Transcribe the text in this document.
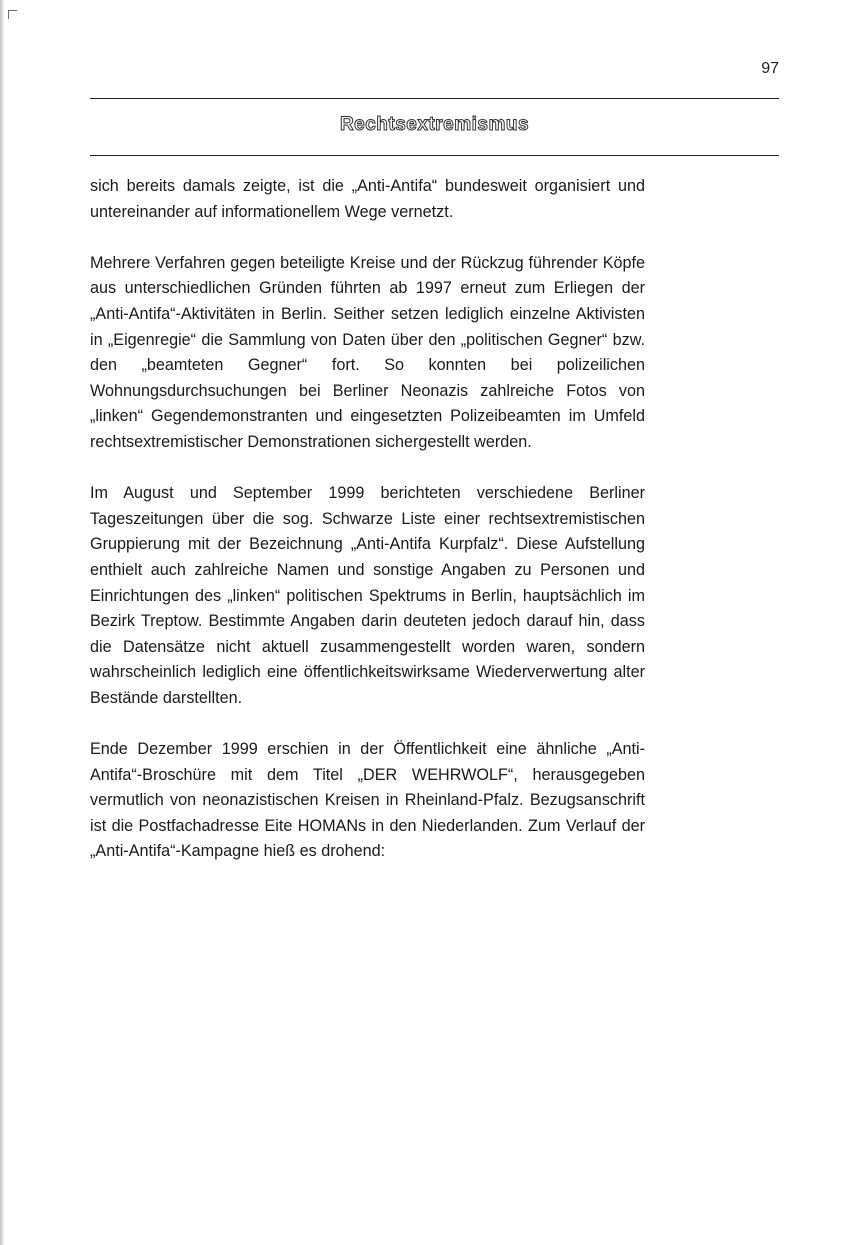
97
Rechtsextremismus

sich bereits damals zeigte, ist die „Anti-Antifa“ bundesweit organisiert und untereinander auf informationellem Wege vernetzt.

Mehrere Verfahren gegen beteiligte Kreise und der Rückzug führender Köpfe aus unterschiedlichen Gründen führten ab 1997 erneut zum Erliegen der „Anti-Antifa“-Aktivitäten in Berlin. Seither setzen lediglich einzelne Aktivisten in „Eigenregie“ die Sammlung von Daten über den „politischen Gegner“ bzw. den „beamteten Gegner“ fort. So konnten bei polizeilichen Wohnungsdurchsuchungen bei Berliner Neonazis zahlreiche Fotos von „linken“ Gegendemonstranten und eingesetzten Polizeibeamten im Umfeld rechtsextremistischer Demonstrationen sichergestellt werden.

Im August und September 1999 berichteten verschiedene Berliner Tageszeitungen über die sog. Schwarze Liste einer rechtsextremistischen Gruppierung mit der Bezeichnung „Anti-Antifa Kurpfalz“. Diese Aufstellung enthielt auch zahlreiche Namen und sonstige Angaben zu Personen und Einrichtungen des „linken“ politischen Spektrums in Berlin, hauptsächlich im Bezirk Treptow. Bestimmte Angaben darin deuteten jedoch darauf hin, dass die Datensätze nicht aktuell zusammengestellt worden waren, sondern wahrscheinlich lediglich eine öffentlichkeitswirksame Wiederverwertung alter Bestände darstellten.

Ende Dezember 1999 erschien in der Öffentlichkeit eine ähnliche „Anti-Antifa“-Broschüre mit dem Titel „DER WEHRWOLF“, herausgegeben vermutlich von neonazistischen Kreisen in Rheinland-Pfalz. Bezugsanschrift ist die Postfachadresse Eite HOMANs in den Niederlanden. Zum Verlauf der „Anti-Antifa“-Kampagne hieß es drohend:
